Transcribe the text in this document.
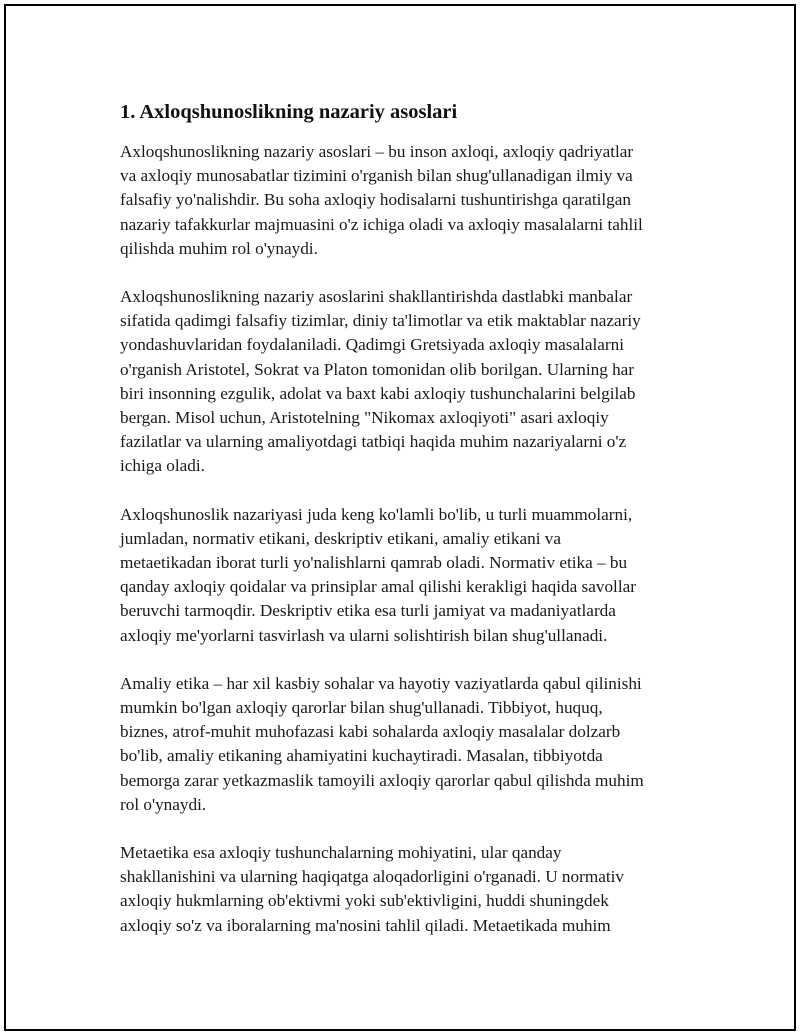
1. Axloqshunoslikning nazariy asoslari

Axloqshunoslikning nazariy asoslari – bu inson axloqi, axloqiy qadriyatlar
va axloqiy munosabatlar tizimini o'rganish bilan shug'ullanadigan ilmiy va
falsafiy yo'nalishdir. Bu soha axloqiy hodisalarni tushuntirishga qaratilgan
nazariy tafakkurlar majmuasini o'z ichiga oladi va axloqiy masalalarni tahlil
qilishda muhim rol o'ynaydi.

Axloqshunoslikning nazariy asoslarini shakllantirishda dastlabki manbalar
sifatida qadimgi falsafiy tizimlar, diniy ta'limotlar va etik maktablar nazariy
yondashuvlaridan foydalaniladi. Qadimgi Gretsiyada axloqiy masalalarni
o'rganish Aristotel, Sokrat va Platon tomonidan olib borilgan. Ularning har
biri insonning ezgulik, adolat va baxt kabi axloqiy tushunchalarini belgilab
bergan. Misol uchun, Aristotelning "Nikomax axloqiyoti" asari axloqiy
fazilatlar va ularning amaliyotdagi tatbiqi haqida muhim nazariyalarni o'z
ichiga oladi.

Axloqshunoslik nazariyasi juda keng ko'lamli bo'lib, u turli muammolarni,
jumladan, normativ etikani, deskriptiv etikani, amaliy etikani va
metaetikadan iborat turli yo'nalishlarni qamrab oladi. Normativ etika – bu
qanday axloqiy qoidalar va prinsiplar amal qilishi kerakligi haqida savollar
beruvchi tarmoqdir. Deskriptiv etika esa turli jamiyat va madaniyatlarda
axloqiy me'yorlarni tasvirlash va ularni solishtirish bilan shug'ullanadi.

Amaliy etika – har xil kasbiy sohalar va hayotiy vaziyatlarda qabul qilinishi
mumkin bo'lgan axloqiy qarorlar bilan shug'ullanadi. Tibbiyot, huquq,
biznes, atrof-muhit muhofazasi kabi sohalarda axloqiy masalalar dolzarb
bo'lib, amaliy etikaning ahamiyatini kuchaytiradi. Masalan, tibbiyotda
bemorga zarar yetkazmaslik tamoyili axloqiy qarorlar qabul qilishda muhim
rol o'ynaydi.

Metaetika esa axloqiy tushunchalarning mohiyatini, ular qanday
shakllanishini va ularning haqiqatga aloqadorligini o'rganadi. U normativ
axloqiy hukmlarning ob'ektivmi yoki sub'ektivligini, huddi shuningdek
axloqiy so'z va iboralarning ma'nosini tahlil qiladi. Metaetikada muhim
